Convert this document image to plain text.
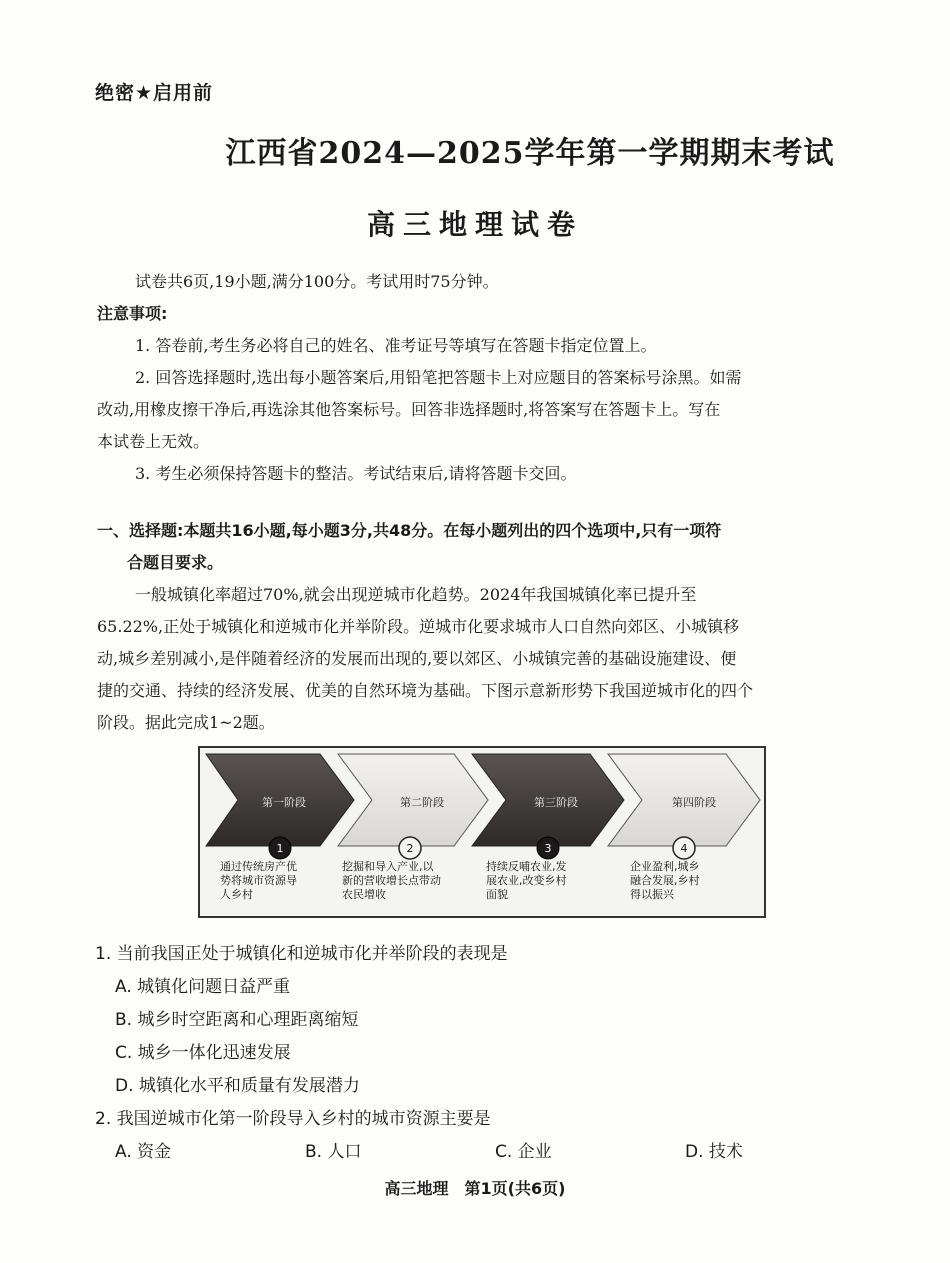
绝密★启用前
江西省2024—2025学年第一学期期末考试
高三地理试卷

试卷共6页,19小题,满分100分。考试用时75分钟。

注意事项:

1. 答卷前,考生务必将自己的姓名、准考证号等填写在答题卡指定位置上。

2. 回答选择题时,选出每小题答案后,用铅笔把答题卡上对应题目的答案标号涂黑。如需

改动,用橡皮擦干净后,再选涂其他答案标号。回答非选择题时,将答案写在答题卡上。写在

本试卷上无效。

3. 考生必须保持答题卡的整洁。考试结束后,请将答题卡交回。

一、选择题:本题共16小题,每小题3分,共48分。在每小题列出的四个选项中,只有一项符

合题目要求。

一般城镇化率超过70%,就会出现逆城市化趋势。2024年我国城镇化率已提升至

65.22%,正处于城镇化和逆城市化并举阶段。逆城市化要求城市人口自然向郊区、小城镇移

动,城乡差别减小,是伴随着经济的发展而出现的,要以郊区、小城镇完善的基础设施建设、便

捷的交通、持续的经济发展、优美的自然环境为基础。下图示意新形势下我国逆城市化的四个

阶段。据此完成1~2题。

第一阶段	第二阶段	第三阶段	第四阶段
1	2	3	4
通过传统房产优
势将城市资源导
人乡村
挖掘和导入产业,以
新的营收增长点带动
农民增收
持续反哺农业,发
展农业,改变乡村
面貌
企业盈利,城乡
融合发展,乡村
得以振兴
1. 当前我国正处于城镇化和逆城市化并举阶段的表现是
A. 城镇化问题日益严重
B. 城乡时空距离和心理距离缩短
C. 城乡一体化迅速发展
D. 城镇化水平和质量有发展潜力
2. 我国逆城市化第一阶段导入乡村的城市资源主要是
A. 资金	B. 人口	C. 企业	D. 技术
高三地理　第1页(共6页)
